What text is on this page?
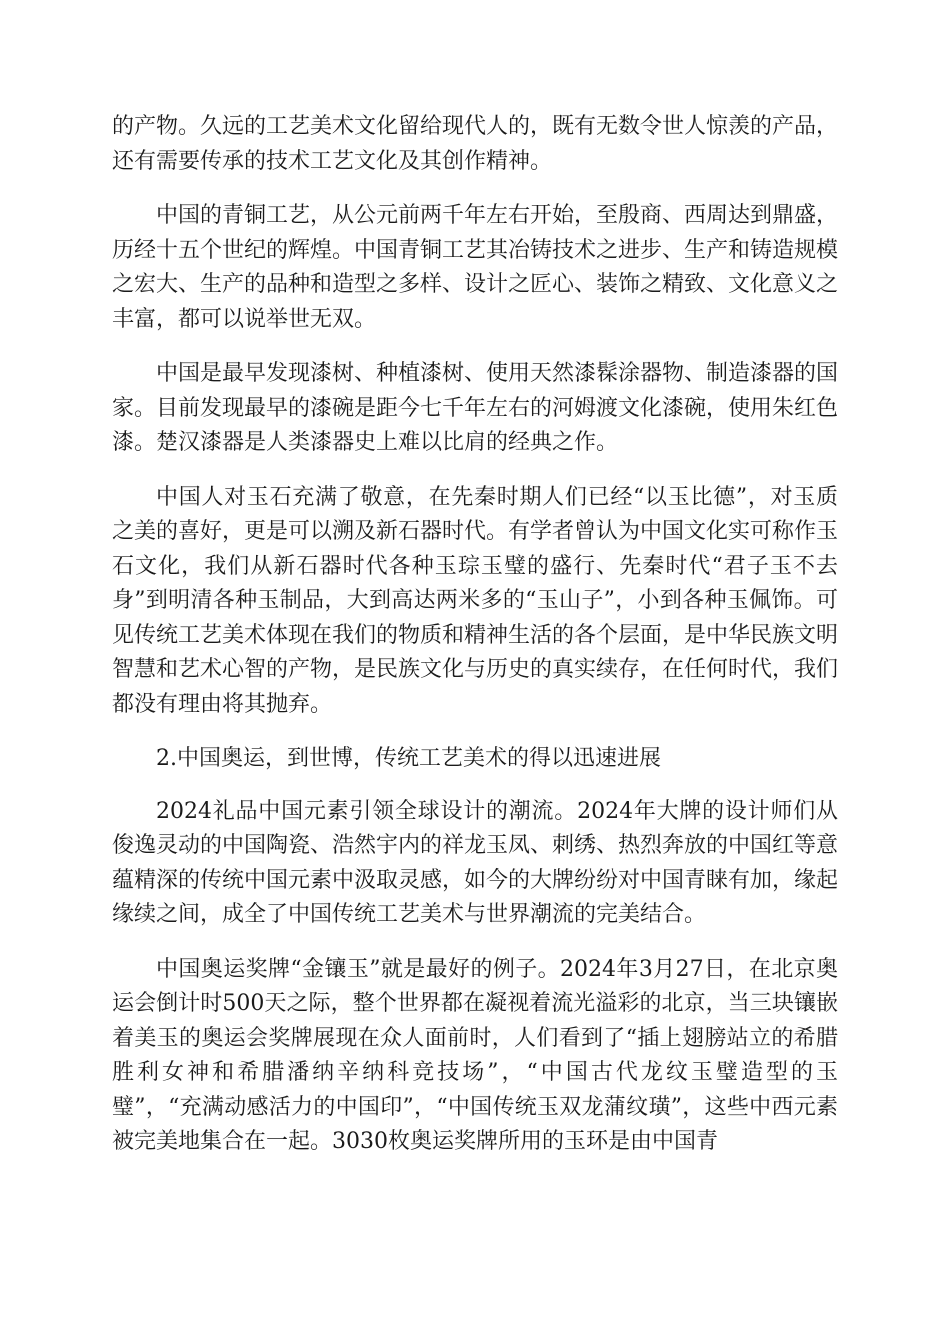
的产物。久远的工艺美术文化留给现代人的，既有无数令世人惊羡的产品，还有需要传承的技术工艺文化及其创作精神。

中国的青铜工艺，从公元前两千年左右开始，至殷商、西周达到鼎盛，历经十五个世纪的辉煌。中国青铜工艺其冶铸技术之进步、生产和铸造规模之宏大、生产的品种和造型之多样、设计之匠心、装饰之精致、文化意义之丰富，都可以说举世无双。

中国是最早发现漆树、种植漆树、使用天然漆髹涂器物、制造漆器的国家。目前发现最早的漆碗是距今七千年左右的河姆渡文化漆碗，使用朱红色漆。楚汉漆器是人类漆器史上难以比肩的经典之作。

中国人对玉石充满了敬意，在先秦时期人们已经“以玉比德”，对玉质之美的喜好，更是可以溯及新石器时代。有学者曾认为中国文化实可称作玉石文化，我们从新石器时代各种玉琮玉璧的盛行、先秦时代“君子玉不去身”到明清各种玉制品，大到高达两米多的“玉山子”，小到各种玉佩饰。可见传统工艺美术体现在我们的物质和精神生活的各个层面，是中华民族文明智慧和艺术心智的产物，是民族文化与历史的真实续存，在任何时代，我们都没有理由将其抛弃。

2.中国奥运，到世博，传统工艺美术的得以迅速进展

2024礼品中国元素引领全球设计的潮流。2024年大牌的设计师们从俊逸灵动的中国陶瓷、浩然宇内的祥龙玉凤、刺绣、热烈奔放的中国红等意蕴精深的传统中国元素中汲取灵感，如今的大牌纷纷对中国青睐有加，缘起缘续之间，成全了中国传统工艺美术与世界潮流的完美结合。

中国奥运奖牌“金镶玉”就是最好的例子。2024年3月27日，在北京奥运会倒计时500天之际，整个世界都在凝视着流光溢彩的北京，当三块镶嵌着美玉的奥运会奖牌展现在众人面前时，人们看到了“插上翅膀站立的希腊胜利女神和希腊潘纳辛纳科竞技场”，“中国古代龙纹玉璧造型的玉璧”，“充满动感活力的中国印”，“中国传统玉双龙蒲纹璜”，这些中西元素被完美地集合在一起。3030枚奥运奖牌所用的玉环是由中国青
